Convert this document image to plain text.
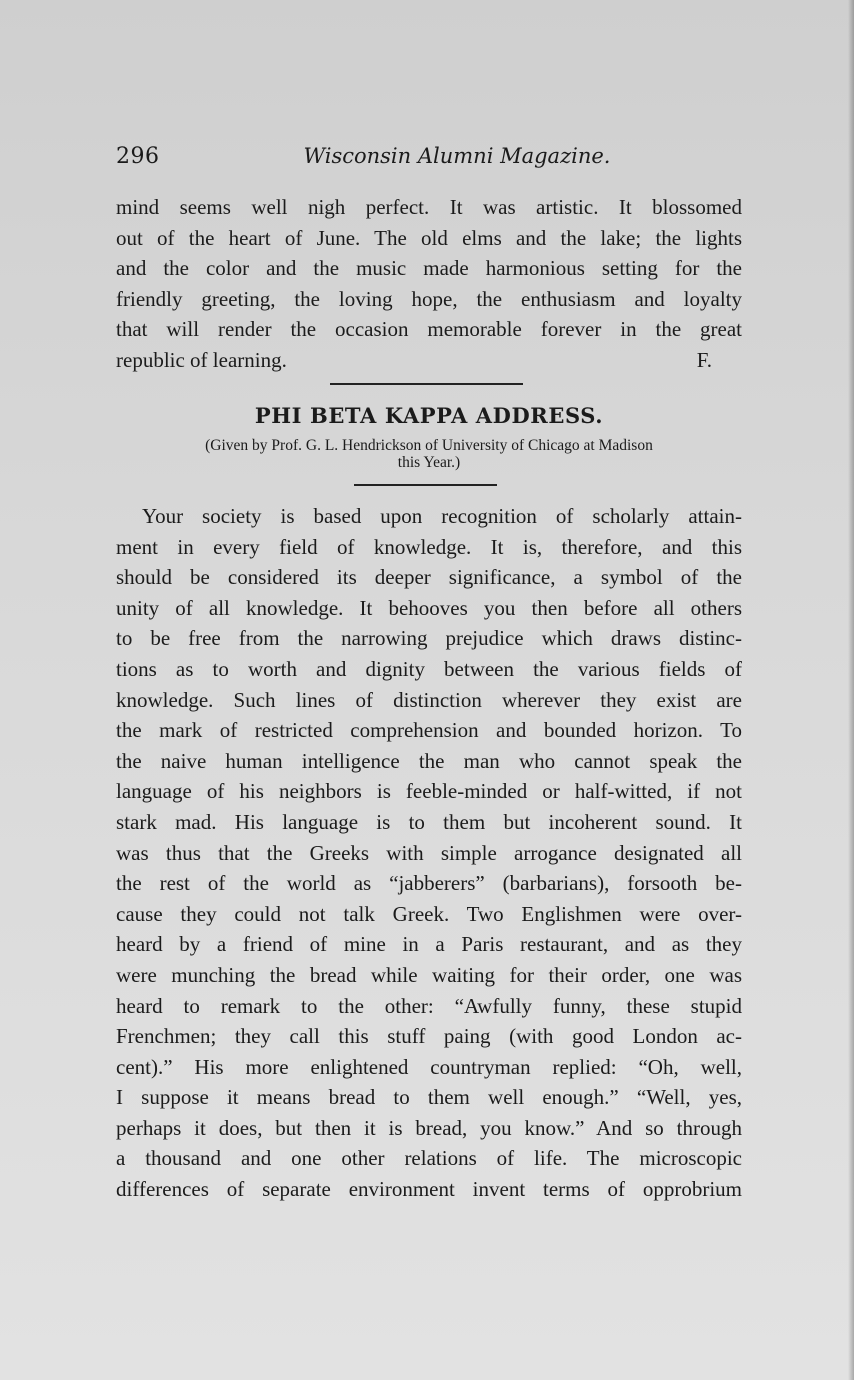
296	Wisconsin Alumni Magazine.
mind seems well nigh perfect. It was artistic. It blossomed
out of the heart of June. The old elms and the lake; the lights
and the color and the music made harmonious setting for the
friendly greeting, the loving hope, the enthusiasm and loyalty
that will render the occasion memorable forever in the great
republic of learning.	F.
PHI BETA KAPPA ADDRESS.
(Given by Prof. G. L. Hendrickson of University of Chicago at Madison
this Year.)
Your society is based upon recognition of scholarly attain-
ment in every field of knowledge. It is, therefore, and this
should be considered its deeper significance, a symbol of the
unity of all knowledge. It behooves you then before all others
to be free from the narrowing prejudice which draws distinc-
tions as to worth and dignity between the various fields of
knowledge. Such lines of distinction wherever they exist are
the mark of restricted comprehension and bounded horizon. To
the naive human intelligence the man who cannot speak the
language of his neighbors is feeble-minded or half-witted, if not
stark mad. His language is to them but incoherent sound. It
was thus that the Greeks with simple arrogance designated all
the rest of the world as “jabberers” (barbarians), forsooth be-
cause they could not talk Greek. Two Englishmen were over-
heard by a friend of mine in a Paris restaurant, and as they
were munching the bread while waiting for their order, one was
heard to remark to the other: “Awfully funny, these stupid
Frenchmen; they call this stuff paing (with good London ac-
cent).” His more enlightened countryman replied: “Oh, well,
I suppose it means bread to them well enough.” “Well, yes,
perhaps it does, but then it is bread, you know.” And so through
a thousand and one other relations of life. The microscopic
differences of separate environment invent terms of opprobrium
